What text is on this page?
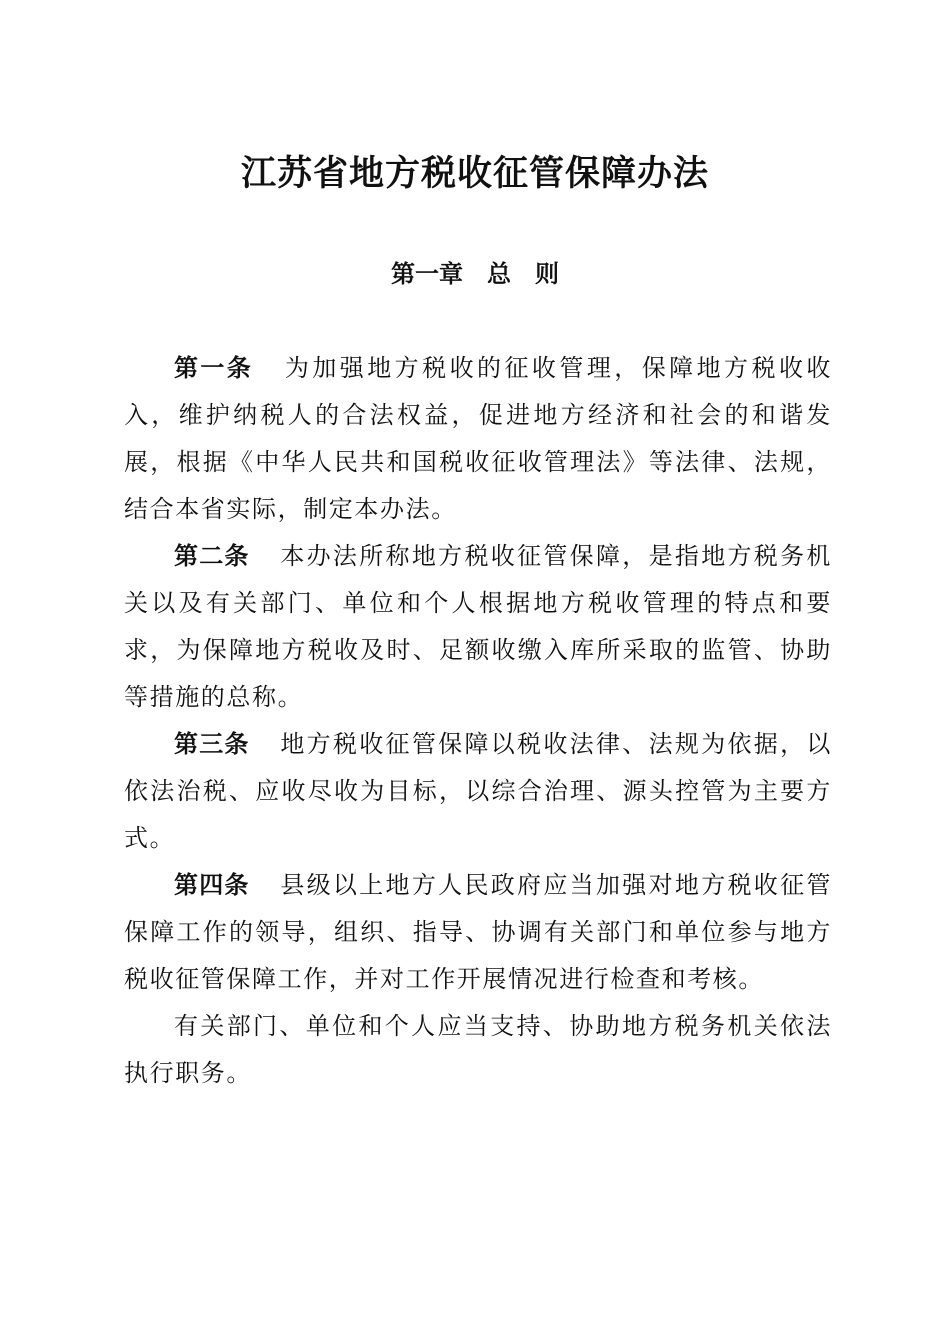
江苏省地方税收征管保障办法
第一章　总　则

第一条 为加强地方税收的征收管理，保障地方税收收入，维护纳税人的合法权益，促进地方经济和社会的和谐发展，根据《中华人民共和国税收征收管理法》等法律、法规，结合本省实际，制定本办法。

第二条 本办法所称地方税收征管保障，是指地方税务机关以及有关部门、单位和个人根据地方税收管理的特点和要求，为保障地方税收及时、足额收缴入库所采取的监管、协助等措施的总称。

第三条 地方税收征管保障以税收法律、法规为依据，以依法治税、应收尽收为目标，以综合治理、源头控管为主要方式。

第四条 县级以上地方人民政府应当加强对地方税收征管保障工作的领导，组织、指导、协调有关部门和单位参与地方税收征管保障工作，并对工作开展情况进行检查和考核。

有关部门、单位和个人应当支持、协助地方税务机关依法执行职务。
